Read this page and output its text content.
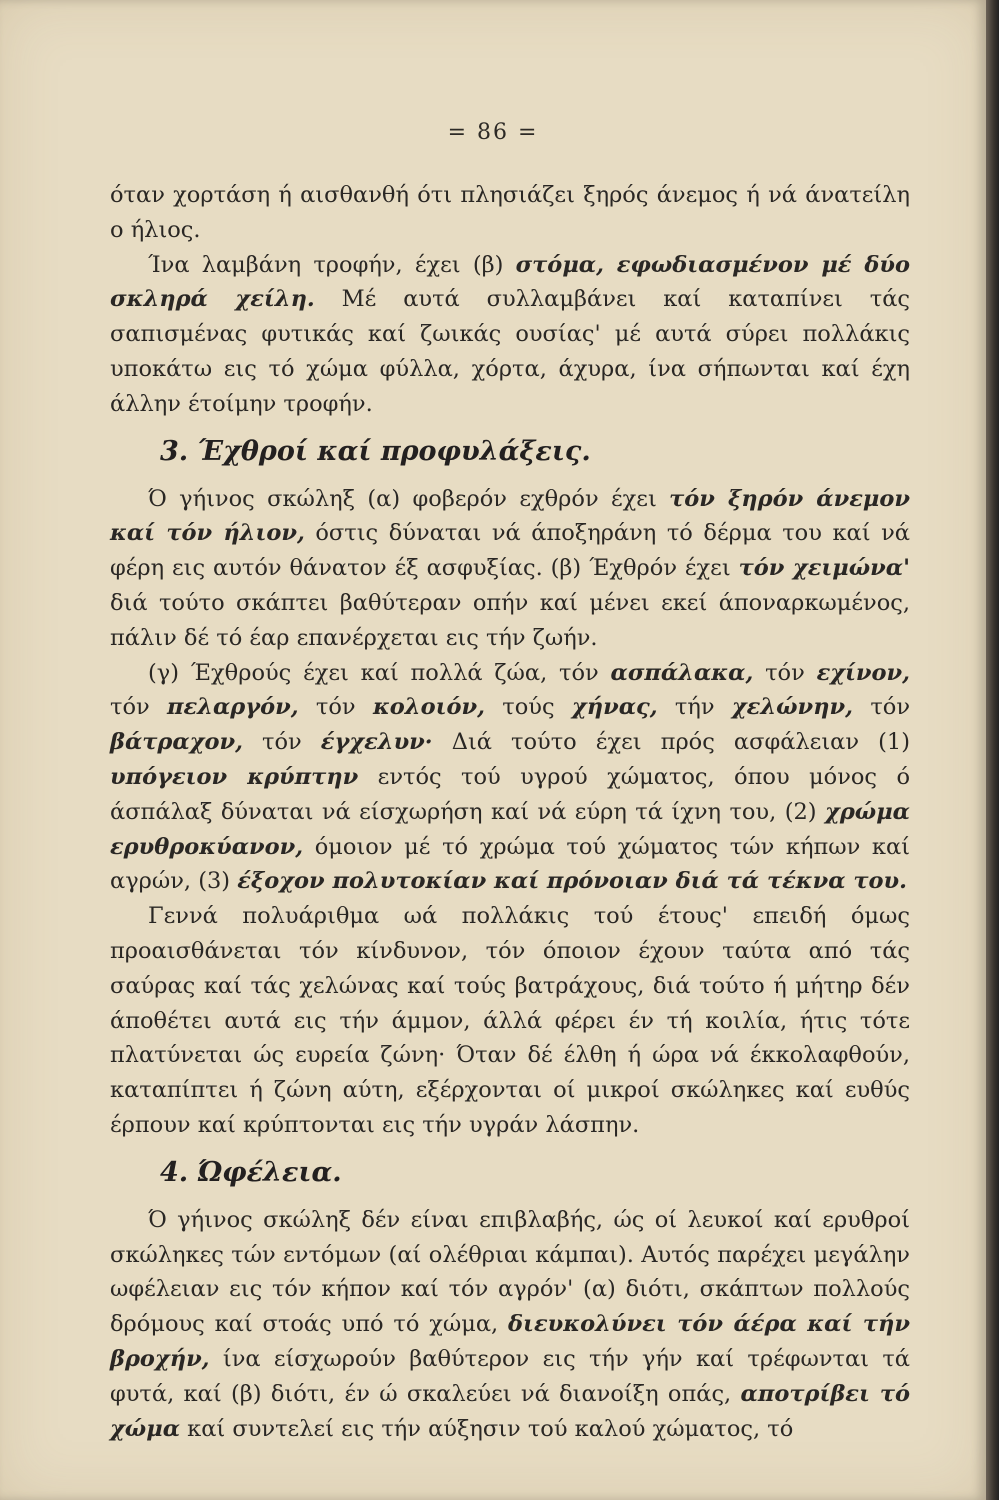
= 86 =

όταν χορτάση ή αισθανθή ότι πλησιάζει ξηρός άνεμος ή νά άνατείλη ο ήλιος.

Ίνα λαμβάνη τροφήν, έχει (β) στόμα, εφωδιασμένον μέ δύο σκληρά χείλη. Μέ αυτά συλλαμβάνει καί καταπίνει τάς σαπισμένας φυτικάς καί ζωικάς ουσίας' μέ αυτά σύρει πολλάκις υποκάτω εις τό χώμα φύλλα, χόρτα, άχυρα, ίνα σήπωνται καί έχη άλλην έτοίμην τροφήν.

3. Έχθροί καί προφυλάξεις.

Ό γήινος σκώληξ (α) φοβερόν εχθρόν έχει τόν ξηρόν άνεμον καί τόν ήλιον, όστις δύναται νά άποξηράνη τό δέρμα του καί νά φέρη εις αυτόν θάνατον έξ ασφυξίας. (β) Έχθρόν έχει τόν χειμώνα' διά τούτο σκάπτει βαθύτεραν οπήν καί μένει εκεί άποναρκωμένος, πάλιν δέ τό έαρ επανέρχεται εις τήν ζωήν.

(γ) Έχθρούς έχει καί πολλά ζώα, τόν ασπάλακα, τόν εχίνον, τόν πελαργόν, τόν κολοιόν, τούς χήνας, τήν χελώνην, τόν βάτραχον, τόν έγχελυν· Διά τούτο έχει πρός ασφάλειαν (1) υπόγειον κρύπτην εντός τού υγρού χώματος, όπου μόνος ό άσπάλαξ δύναται νά είσχωρήση καί νά εύρη τά ίχνη του, (2) χρώμα ερυθροκύανον, όμοιον μέ τό χρώμα τού χώματος τών κήπων καί αγρών, (3) έξοχον πολυτοκίαν καί πρόνοιαν διά τά τέκνα του.

Γεννά πολυάριθμα ωά πολλάκις τού έτους' επειδή όμως προαισθάνεται τόν κίνδυνον, τόν όποιον έχουν ταύτα από τάς σαύρας καί τάς χελώνας καί τούς βατράχους, διά τούτο ή μήτηρ δέν άποθέτει αυτά εις τήν άμμον, άλλά φέρει έν τή κοιλία, ήτις τότε πλατύνεται ώς ευρεία ζώνη· Όταν δέ έλθη ή ώρα νά έκκολαφθούν, καταπίπτει ή ζώνη αύτη, εξέρχονται οί μικροί σκώληκες καί ευθύς έρπουν καί κρύπτονται εις τήν υγράν λάσπην.

4. Ώφέλεια.

Ό γήινος σκώληξ δέν είναι επιβλαβής, ώς οί λευκοί καί ερυθροί σκώληκες τών εντόμων (αί ολέθριαι κάμπαι). Αυτός παρέχει μεγάλην ωφέλειαν εις τόν κήπον καί τόν αγρόν' (α) διότι, σκάπτων πολλούς δρόμους καί στοάς υπό τό χώμα, διευκολύνει τόν άέρα καί τήν βροχήν, ίνα είσχωρούν βαθύτερον εις τήν γήν καί τρέφωνται τά φυτά, καί (β) διότι, έν ώ σκαλεύει νά διανοίξη οπάς, αποτρίβει τό χώμα καί συντελεί εις τήν αύξησιν τού καλού χώματος, τό
